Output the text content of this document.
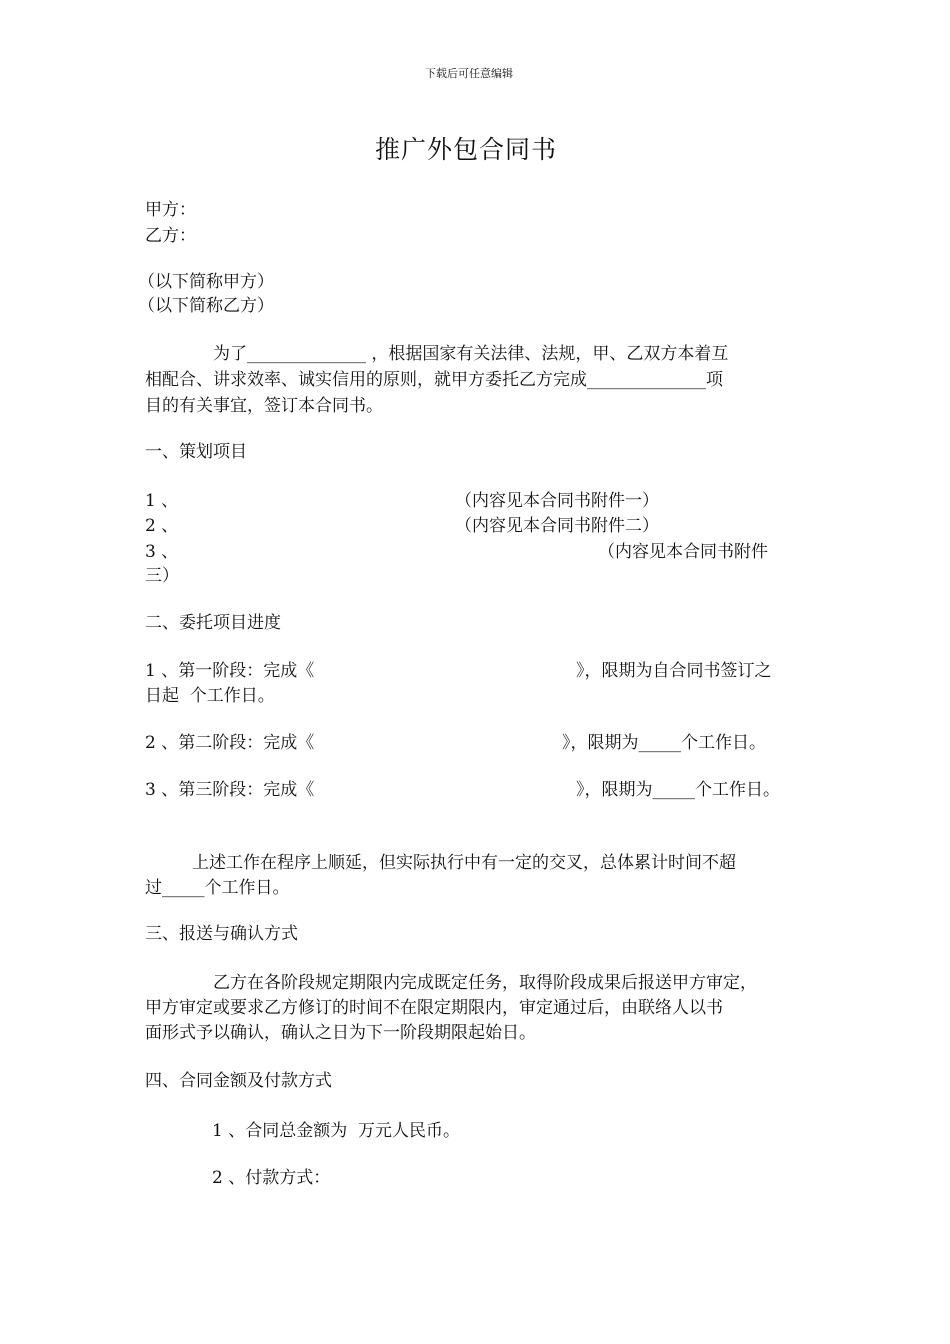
下载后可任意编辑
推广外包合同书
甲方：
乙方：
（以下简称甲方）
（以下简称乙方）
为了______________ ，根据国家有关法律、法规，甲、乙双方本着互
相配合、讲求效率、诚实信用的原则，就甲方委托乙方完成______________项
目的有关事宜，签订本合同书。
一、策划项目
1 、	（内容见本合同书附件一）
2 、	（内容见本合同书附件二）
3 、	（内容见本合同书附件
三）
二、委托项目进度
1 、第一阶段：完成《	》，限期为自合同书签订之
日起  个工作日。
2 、第二阶段：完成《	》，限期为_____个工作日。
3 、第三阶段：完成《	》，限期为_____个工作日。
上述工作在程序上顺延，但实际执行中有一定的交叉，总体累计时间不超
过_____个工作日。
三、报送与确认方式
乙方在各阶段规定期限内完成既定任务，取得阶段成果后报送甲方审定，
甲方审定或要求乙方修订的时间不在限定期限内，审定通过后，由联络人以书
面形式予以确认，确认之日为下一阶段期限起始日。
四、合同金额及付款方式
1 、合同总金额为  万元人民币。
2 、付款方式：
